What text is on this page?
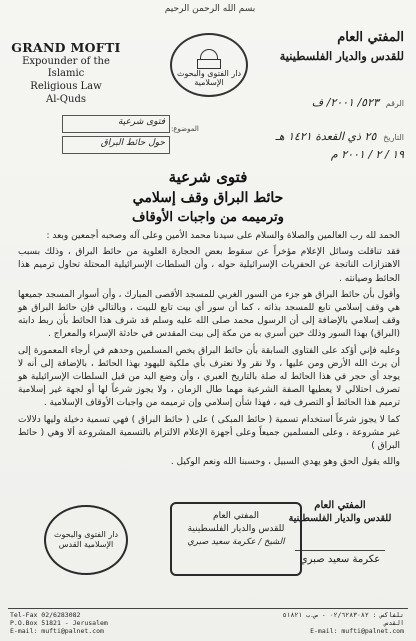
بسم الله الرحمن الرحيم
GRAND MOFTI
Expounder of the Islamic
Religious Law
Al-Quds
دار الفتوى والبحوث الإسلامية
المفتي العام
للقدس والديار الفلسطينية
الرقم ٥٢٣/ ٢٠٠١/ ف
فتوى شرعية
حول حائط البراق
الموضوع:
التاريخ ٢٥ ذي القعدة ١٤٢١ هـ
١٩ / ٢ / ٢٠٠١ م
فتوى شرعية
حائط البراق وقف إسلامي
وترميمه من واجبات الأوقاف

الحمد لله رب العالمين والصلاة والسلام على سيدنا محمد الأمين وعلى آله وصحبه أجمعين وبعد :

فقد تناقلت وسائل الإعلام مؤخراً عن سقوط بعض الحجارة العلوية من حائط البراق ، وذلك بسبب الاهتزازات الناتجة عن الحفريات الإسرائيلية حوله ، وأن السلطات الإسرائيلية المحتلة تحاول ترميم هذا الحائط وصيانته .

وأقول بأن حائط البراق هو جزء من السور الغربي للمسجد الأقصى المبارك ، وأن أسوار المسجد جميعها هي وقف إسلامي تابع للمسجد بذاته ، كما أن سور أي بيت تابع للبيت ، وبالتالي فإن حائط البراق هو وقف إسلامي بالإضافة إلى أن الرسول محمد صلى الله عليه وسلم قد شرف هذا الحائط بأن ربط دابته (البراق) بهذا السور وذلك حين أسري به من مكة إلى بيت المقدس في حادثة الإسراء والمعراج .

وعليه فإني أؤكد على الفتاوى السابقة بأن حائط البراق يخص المسلمين وحدهم في أرجاء المعمورة إلى أن يرث الله الأرض ومن عليها ، ولا نقر ولا نعترف بأي ملكية لليهود بهذا الحائط ، بالإضافة إلى أنه لا يوجد أي حجر في هذا الحائط له صلة بالتاريخ العبري ، وأن وضع اليد من قبل السلطات الإسرائيلية هو تصرف احتلالي لا يعطيها الصفة الشرعية مهما طال الزمان ، ولا يجوز شرعاً لها أو لجهة غير إسلامية ترميم هذا الحائط أو التصرف فيه ، فهذا شأن إسلامي وإن ترميمه من واجبات الأوقاف الإسلامية .

كما لا يجوز شرعاً استخدام تسمية ( حائط المبكى ) على ( حائط البراق ) فهي تسمية دخيلة وليها دلالات غير مشروعة ، وعلى المسلمين جميعاً وعلى أجهزة الإعلام الالتزام بالتسمية المشروعة ألا وهي ( حائط البراق )

والله يقول الحق وهو يهدي السبيل ، وحسبنا الله ونعم الوكيل .

المفتي العام
للقدس والديار الفلسطينية
عكرمة سعيد صبري
المفتي العام
للقدس والديار الفلسطينية
الشيخ / عكرمة سعيد صبري
دار الفتوى والبحوث الإسلامية القدس
Tel-Fax 02/6283082
P.O.Box 51821 - Jerusalem
E-mail: mufti@palnet.com
تلفاكس : ٠٢/٦٢٨٣٠٨٢ - ص.ب ٥١٨٢١
القدس
E-mail: mufti@palnet.com
